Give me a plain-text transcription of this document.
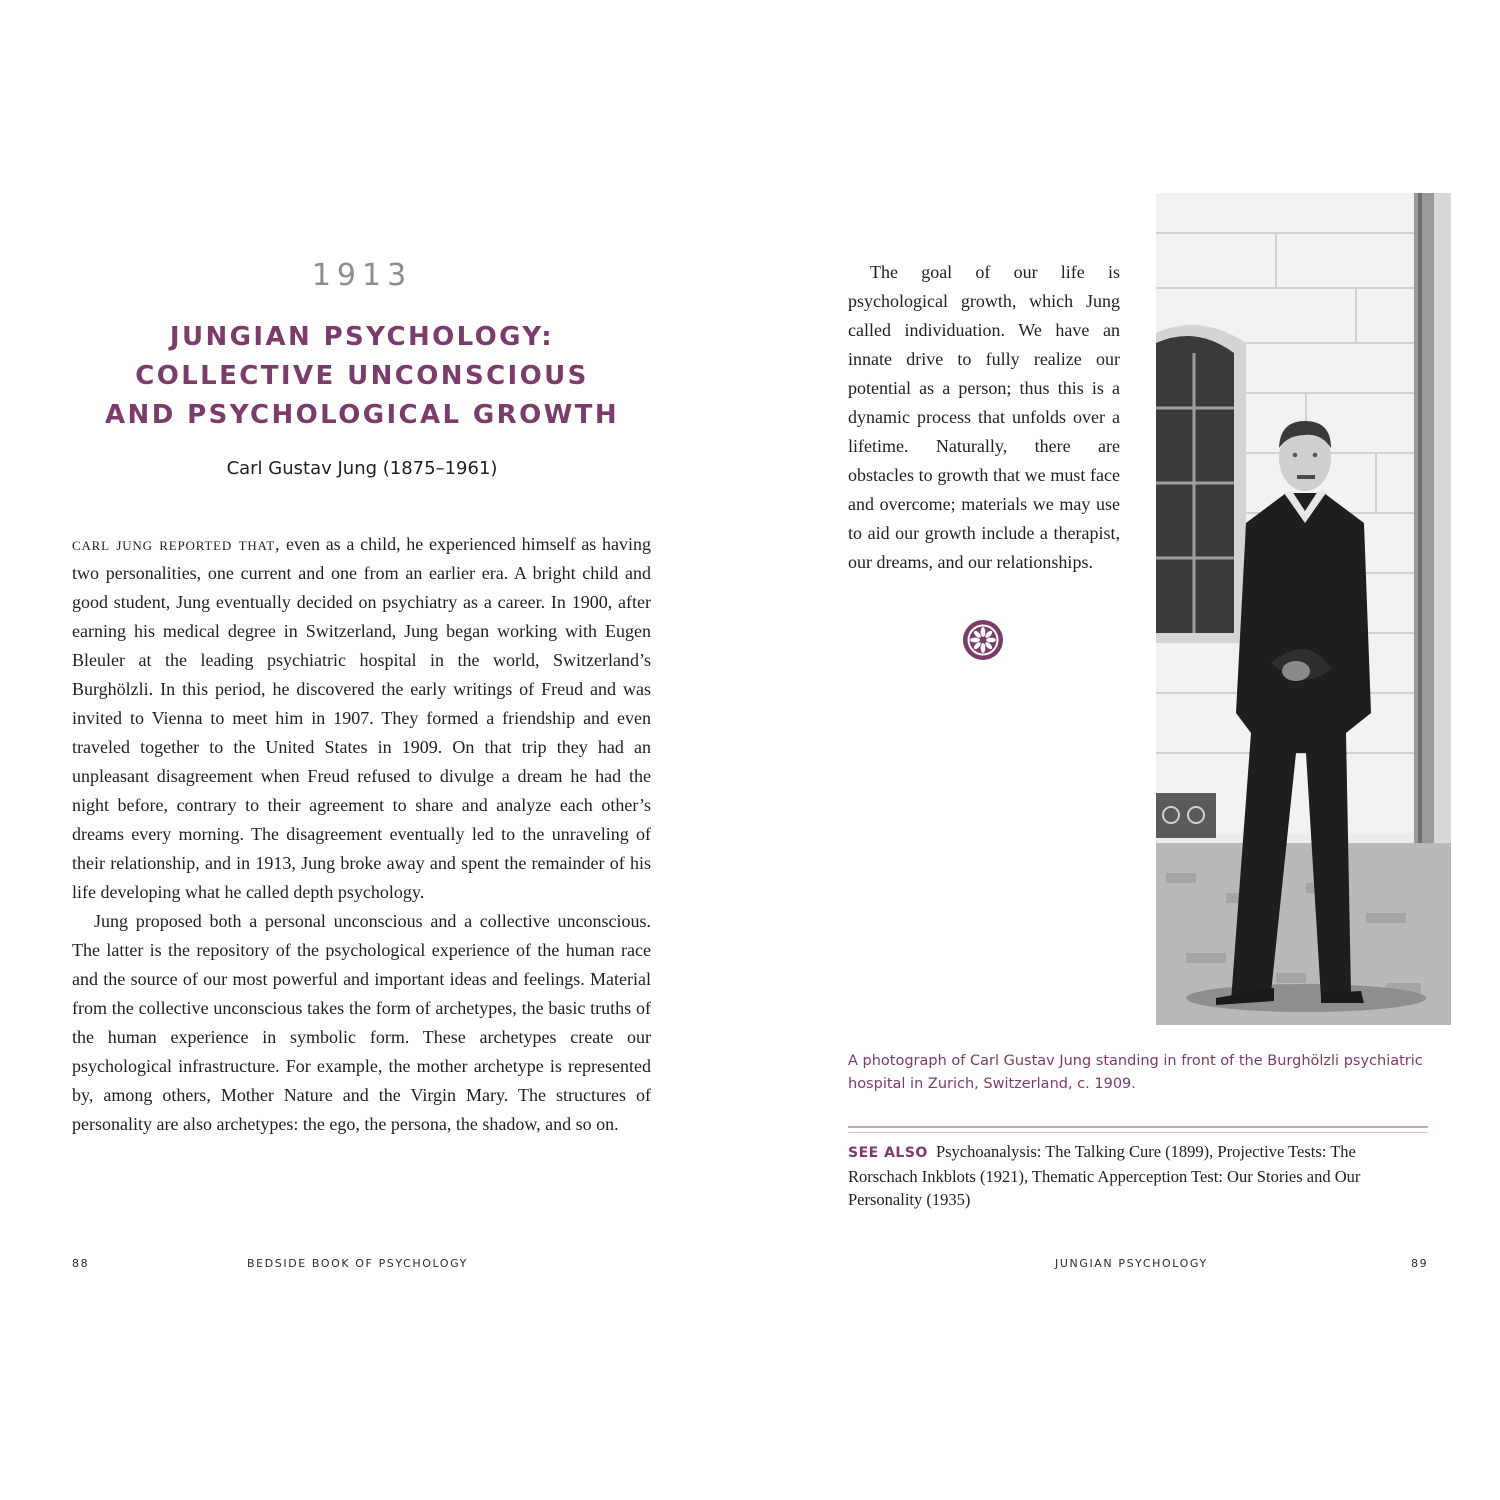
1913
JUNGIAN PSYCHOLOGY:
COLLECTIVE UNCONSCIOUS
AND PSYCHOLOGICAL GROWTH
Carl Gustav Jung (1875–1961)

carl jung reported that, even as a child, he experienced himself as having two personalities, one current and one from an earlier era. A bright child and good student, Jung eventually decided on psychiatry as a career. In 1900, after earning his medical degree in Switzerland, Jung began working with Eugen Bleuler at the leading psychiatric hospital in the world, Switzerland’s Burghölzli. In this period, he discovered the early writings of Freud and was invited to Vienna to meet him in 1907. They formed a friendship and even traveled together to the United States in 1909. On that trip they had an unpleasant disagreement when Freud refused to divulge a dream he had the night before, contrary to their agreement to share and analyze each other’s dreams every morning. The disagreement eventually led to the unraveling of their relationship, and in 1913, Jung broke away and spent the remainder of his life developing what he called depth psychology.

Jung proposed both a personal unconscious and a collective unconscious. The latter is the repository of the psychological experience of the human race and the source of our most powerful and important ideas and feelings. Material from the collective unconscious takes the form of archetypes, the basic truths of the human experience in symbolic form. These archetypes create our psychological infrastructure. For example, the mother archetype is represented by, among others, Mother Nature and the Virgin Mary. The structures of personality are also archetypes: the ego, the persona, the shadow, and so on.

88	BEDSIDE BOOK OF PSYCHOLOGY

The goal of our life is psychological growth, which Jung called individuation. We have an innate drive to fully realize our potential as a person; thus this is a dynamic process that unfolds over a lifetime. Naturally, there are obstacles to growth that we must face and overcome; materials we may use to aid our growth include a therapist, our dreams, and our relationships.

A photograph of Carl Gustav Jung standing in front of the Burghölzli psychiatric hospital in Zurich, Switzerland, c. 1909.
SEE ALSO Psychoanalysis: The Talking Cure (1899), Projective Tests: The Rorschach Inkblots (1921), Thematic Apperception Test: Our Stories and Our Personality (1935)
JUNGIAN PSYCHOLOGY	89
